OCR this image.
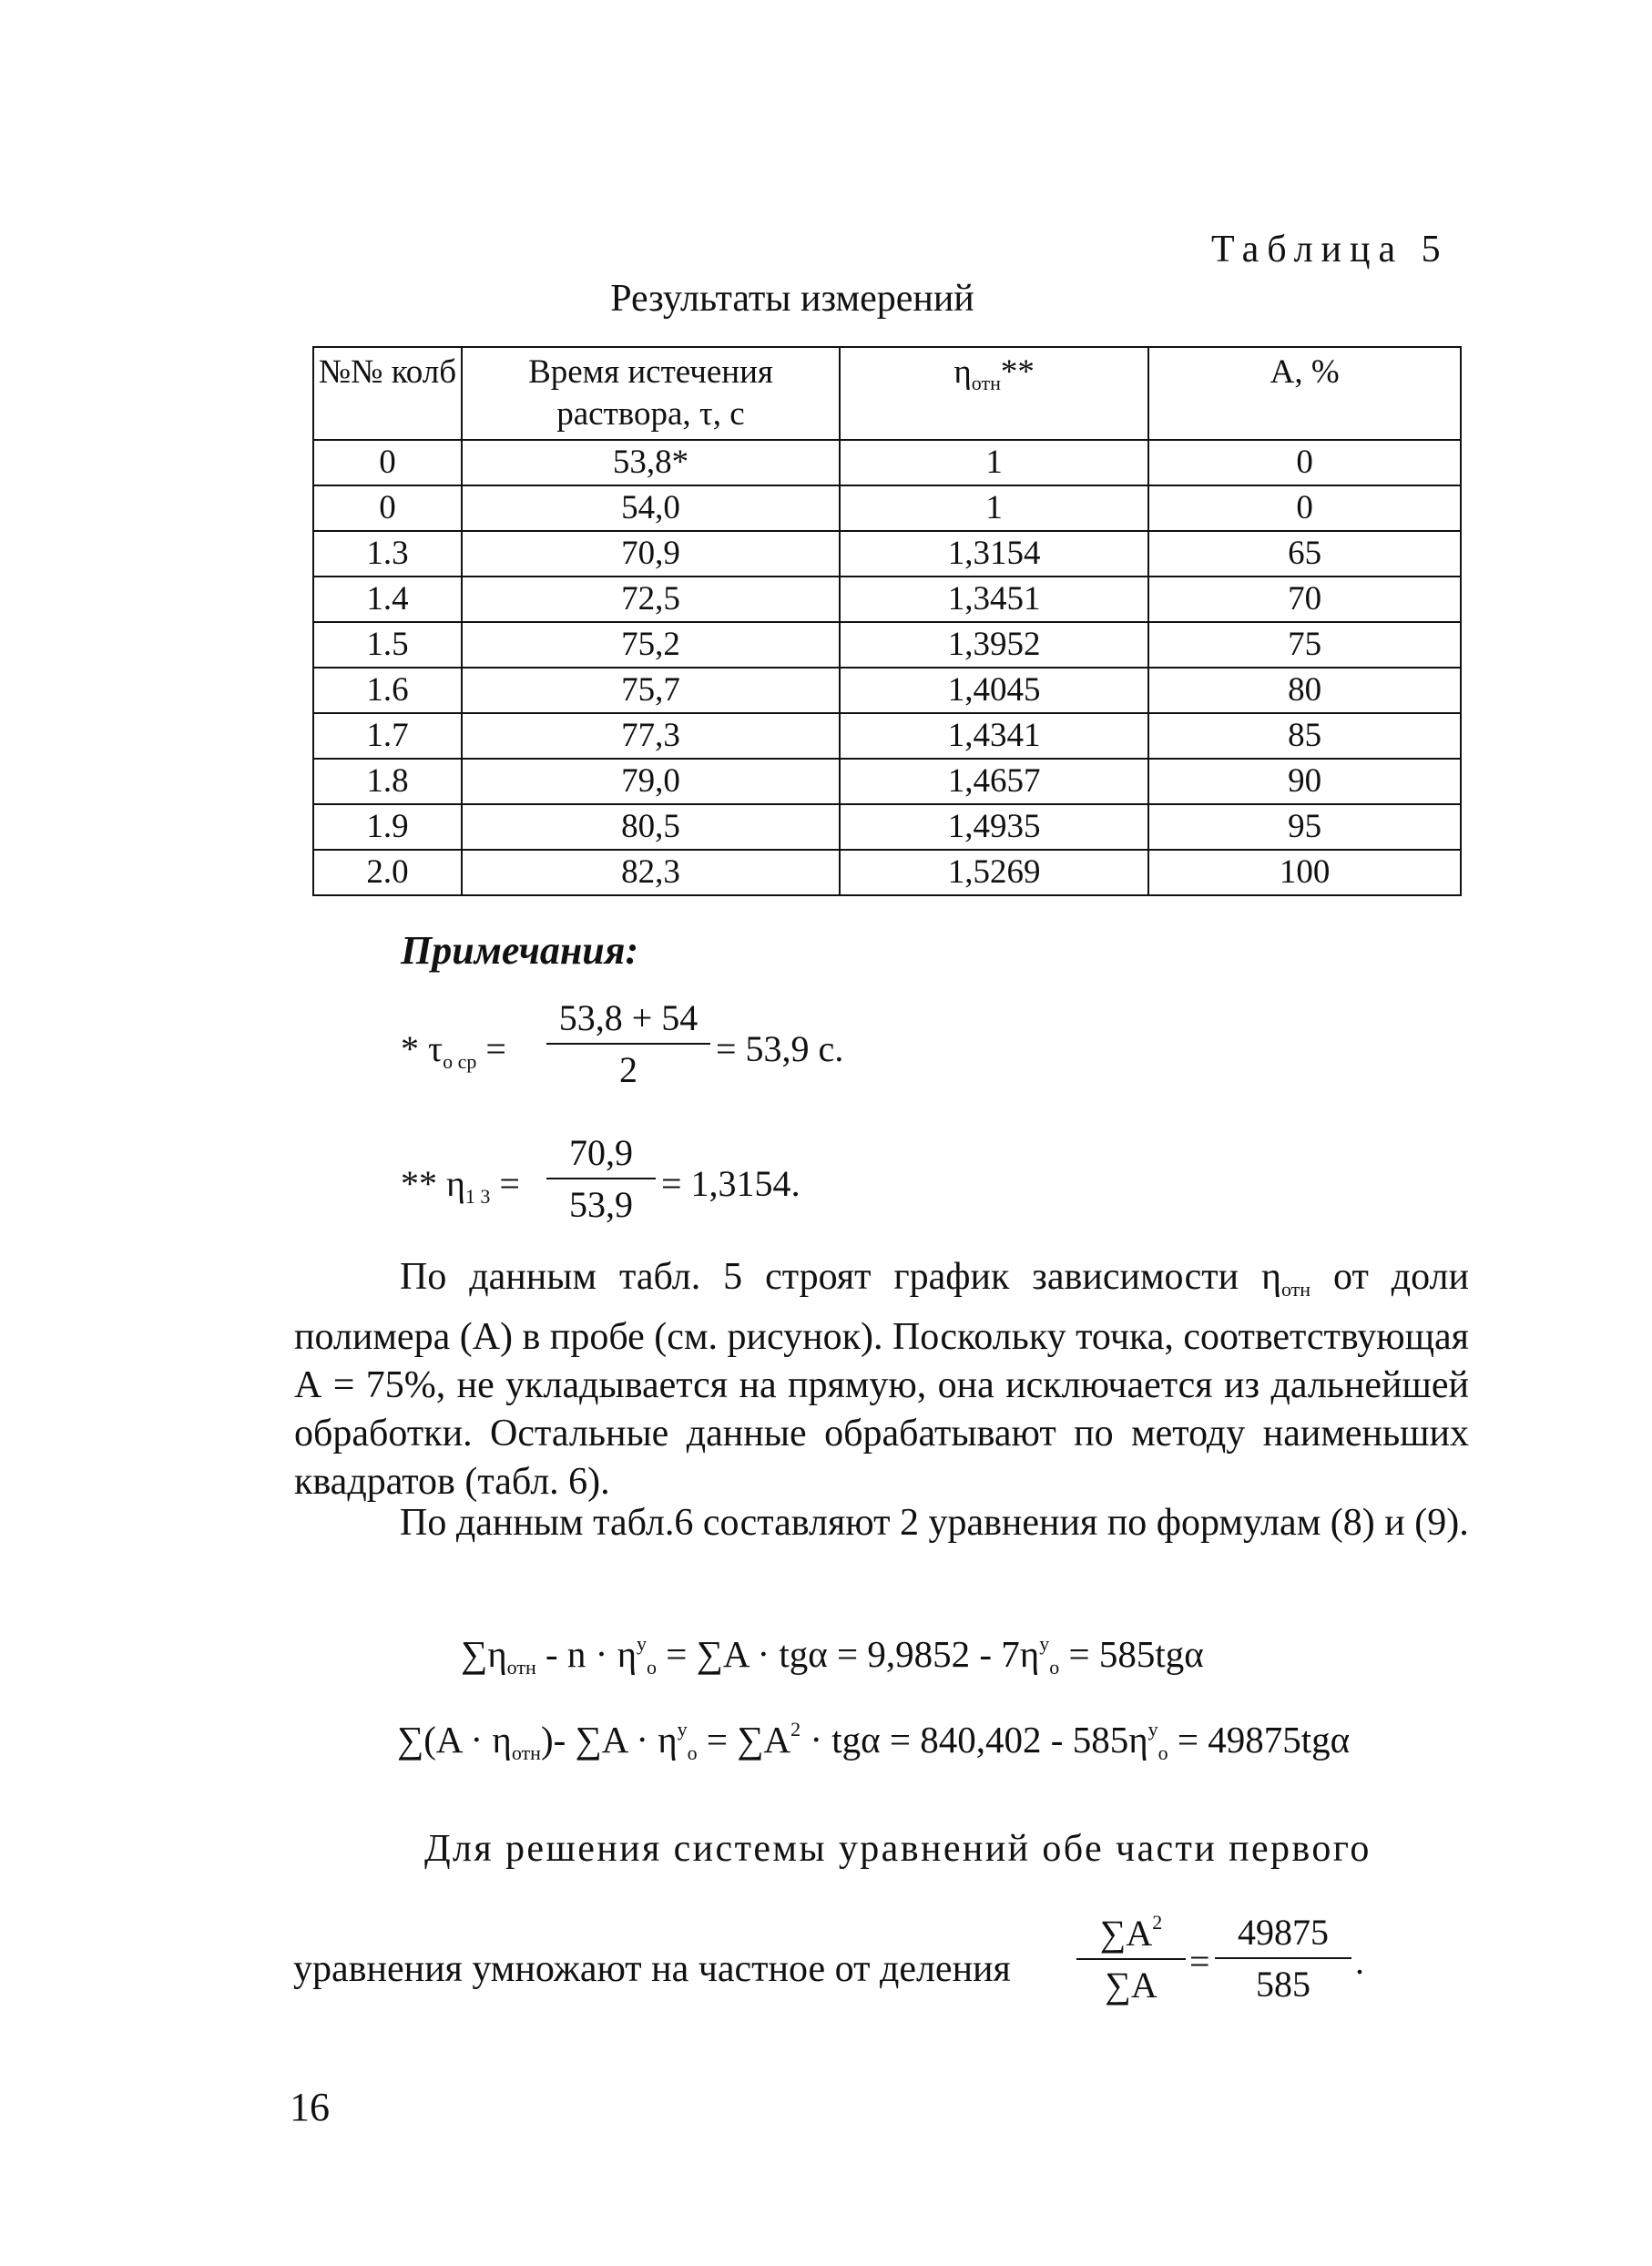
Таблица 5
Результаты измерений
№№ колб	Время истечения раствора, τ, с	$\eta_{отн}**$	А, %
0	53,8*	1	0
0	54,0	1	0
1.3	70,9	1,3154	65
1.4	72,5	1,3451	70
1.5	75,2	1,3952	75
1.6	75,7	1,4045	80
1.7	77,3	1,4341	85
1.8	79,0	1,4657	90
1.9	80,5	1,4935	95
2.0	82,3	1,5269	100
Примечания:
* $\tau_{о ср} = \frac{53,8 + 54}{2} = 53,9$ с.
** $\eta_{1 3} = \frac{70,9}{53,9} = 1,3154$.

По данным табл. 5 строят график зависимости $\eta_{отн}$ от доли полимера (А) в пробе (см. рисунок). Поскольку точка, соответствующая А = 75%, не укладывается на прямую, она исключается из дальнейшей обработки. Остальные данные обрабатывают по методу наименьших квадратов (табл. 6).

По данным табл.6 составляют 2 уравнения по формулам (8) и (9).

$\sum\eta_{отн} - n \cdot \eta^у_о = \sum A \cdot tg\alpha = 9,9852 - 7\eta^у_о = 585tg\alpha$
$\sum(A \cdot \eta_{отн})-$ $\sum A \cdot \eta^у_о = \sum A^2 \cdot tg\alpha = 840,402 - 585\eta^у_о = 49875tg\alpha$
Для решения системы уравнений обе части первого
уравнения умножают на частное от деления $\frac{\sum A^2}{\sum A} = \frac{49875}{585}$ .
16
